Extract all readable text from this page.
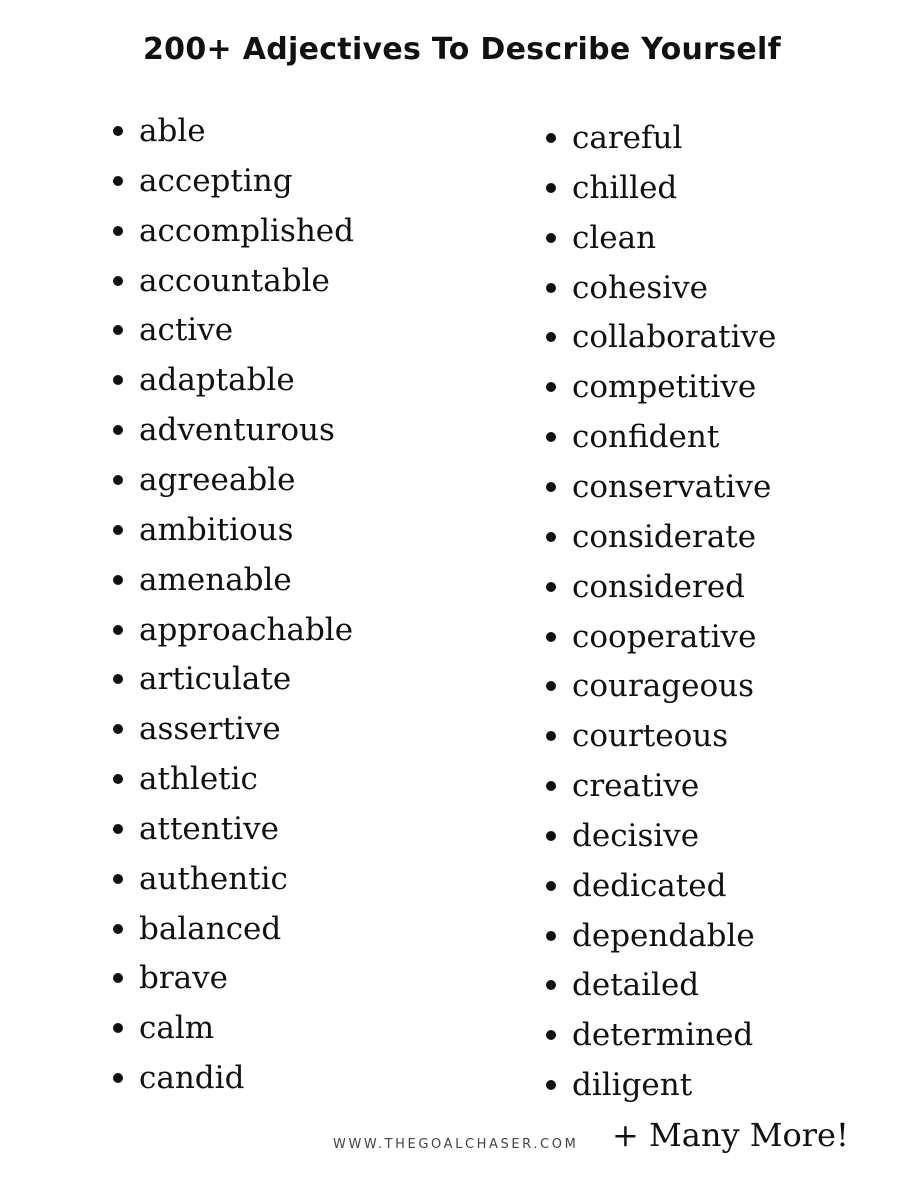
200+ Adjectives To Describe Yourself
able
accepting
accomplished
accountable
active
adaptable
adventurous
agreeable
ambitious
amenable
approachable
articulate
assertive
athletic
attentive
authentic
balanced
brave
calm
candid
careful
chilled
clean
cohesive
collaborative
competitive
confident
conservative
considerate
considered
cooperative
courageous
courteous
creative
decisive
dedicated
dependable
detailed
determined
diligent
WWW.THEGOALCHASER.COM + Many More!
